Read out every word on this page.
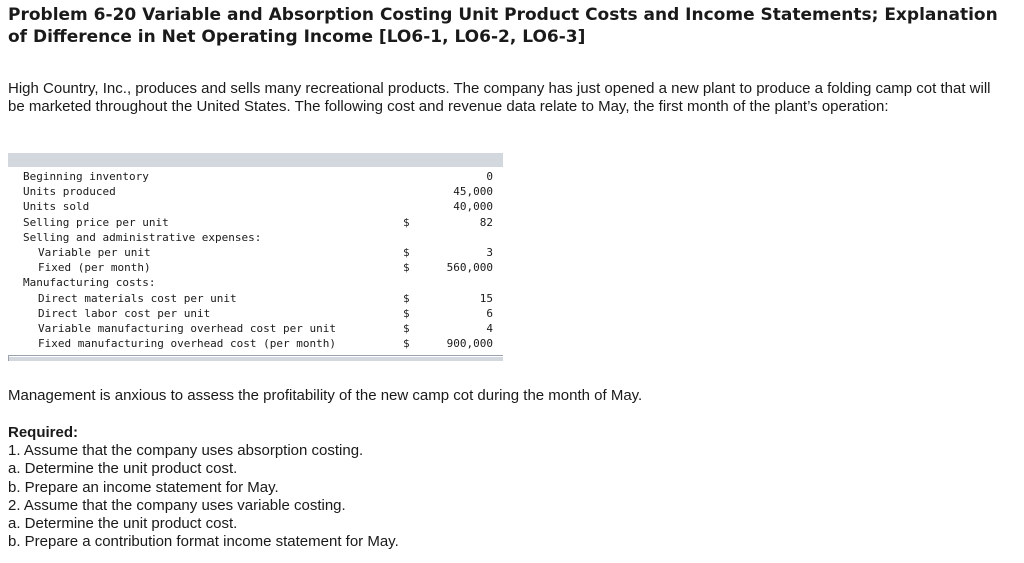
Problem 6-20 Variable and Absorption Costing Unit Product Costs and Income Statements; Explanation of Difference in Net Operating Income [LO6-1, LO6-2, LO6-3]

High Country, Inc., produces and sells many recreational products. The company has just opened a new plant to produce a folding camp cot that will be marketed throughout the United States. The following cost and revenue data relate to May, the first month of the plant’s operation:

Beginning inventory		0
Units produced		45,000
Units sold		40,000
Selling price per unit	$	82
Selling and administrative expenses:		
Variable per unit	$	3
Fixed (per month)	$	560,000
Manufacturing costs:		
Direct materials cost per unit	$	15
Direct labor cost per unit	$	6
Variable manufacturing overhead cost per unit	$	4
Fixed manufacturing overhead cost (per month)	$	900,000

Management is anxious to assess the profitability of the new camp cot during the month of May.

Required:
1. Assume that the company uses absorption costing.
a. Determine the unit product cost.
b. Prepare an income statement for May.
2. Assume that the company uses variable costing.
a. Determine the unit product cost.
b. Prepare a contribution format income statement for May.
